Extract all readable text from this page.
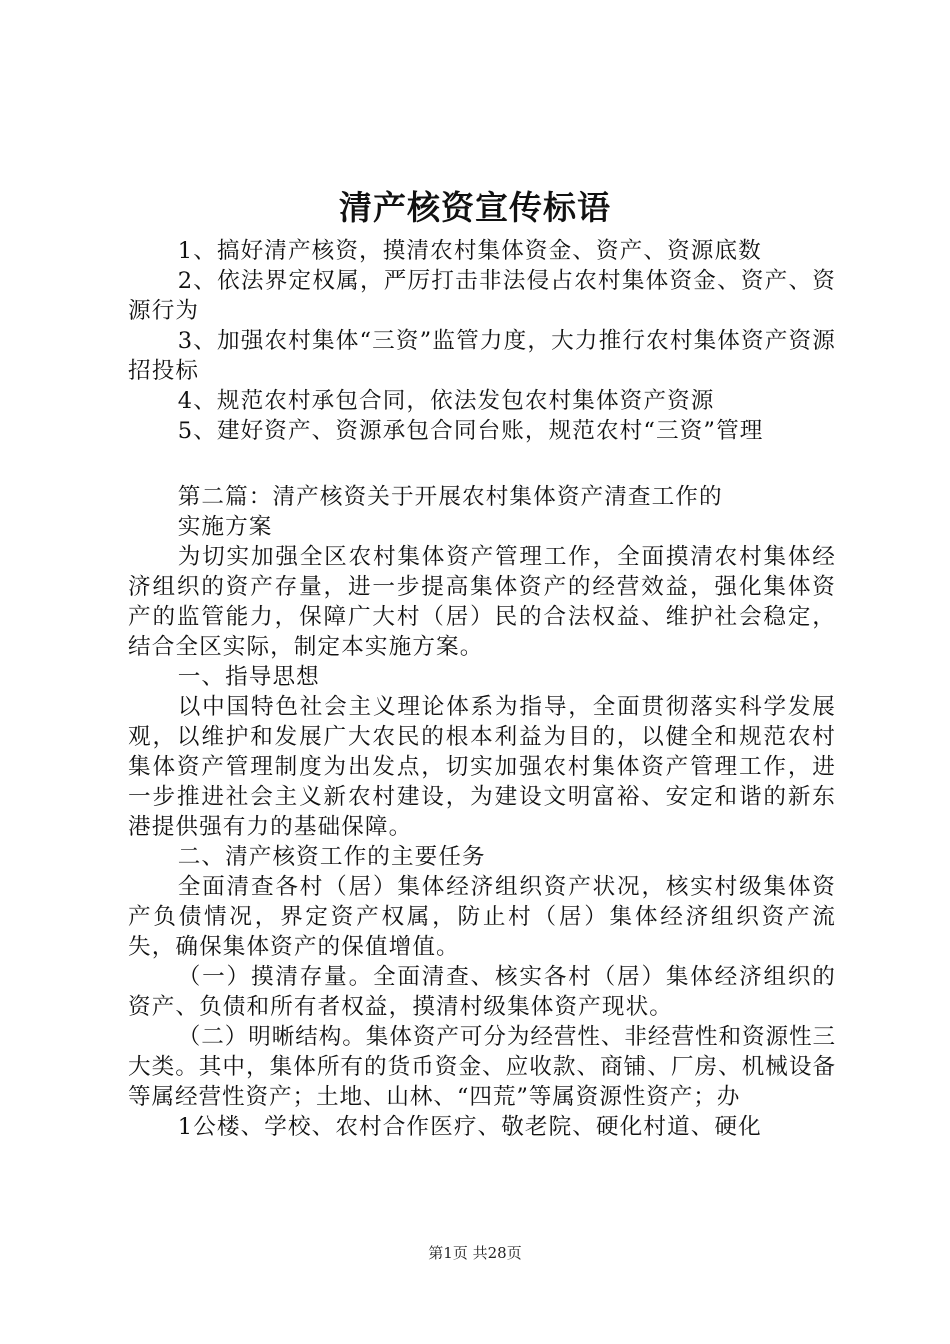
清产核资宣传标语

1、搞好清产核资，摸清农村集体资金、资产、资源底数

2、依法界定权属，严厉打击非法侵占农村集体资金、资产、资源行为

3、加强农村集体“三资”监管力度，大力推行农村集体资产资源招投标

4、规范农村承包合同，依法发包农村集体资产资源

5、建好资产、资源承包合同台账，规范农村“三资”管理

第二篇：清产核资关于开展农村集体资产清查工作的

实施方案

为切实加强全区农村集体资产管理工作，全面摸清农村集体经济组织的资产存量，进一步提高集体资产的经营效益，强化集体资产的监管能力，保障广大村（居）民的合法权益、维护社会稳定，结合全区实际，制定本实施方案。

一、指导思想

以中国特色社会主义理论体系为指导，全面贯彻落实科学发展观，以维护和发展广大农民的根本利益为目的，以健全和规范农村集体资产管理制度为出发点，切实加强农村集体资产管理工作，进一步推进社会主义新农村建设，为建设文明富裕、安定和谐的新东港提供强有力的基础保障。

二、清产核资工作的主要任务

全面清查各村（居）集体经济组织资产状况，核实村级集体资产负债情况，界定资产权属，防止村（居）集体经济组织资产流失，确保集体资产的保值增值。

（一）摸清存量。全面清查、核实各村（居）集体经济组织的资产、负债和所有者权益，摸清村级集体资产现状。

（二）明晰结构。集体资产可分为经营性、非经营性和资源性三大类。其中，集体所有的货币资金、应收款、商铺、厂房、机械设备等属经营性资产；土地、山林、“四荒”等属资源性资产；办

1公楼、学校、农村合作医疗、敬老院、硬化村道、硬化

第1页 共28页
